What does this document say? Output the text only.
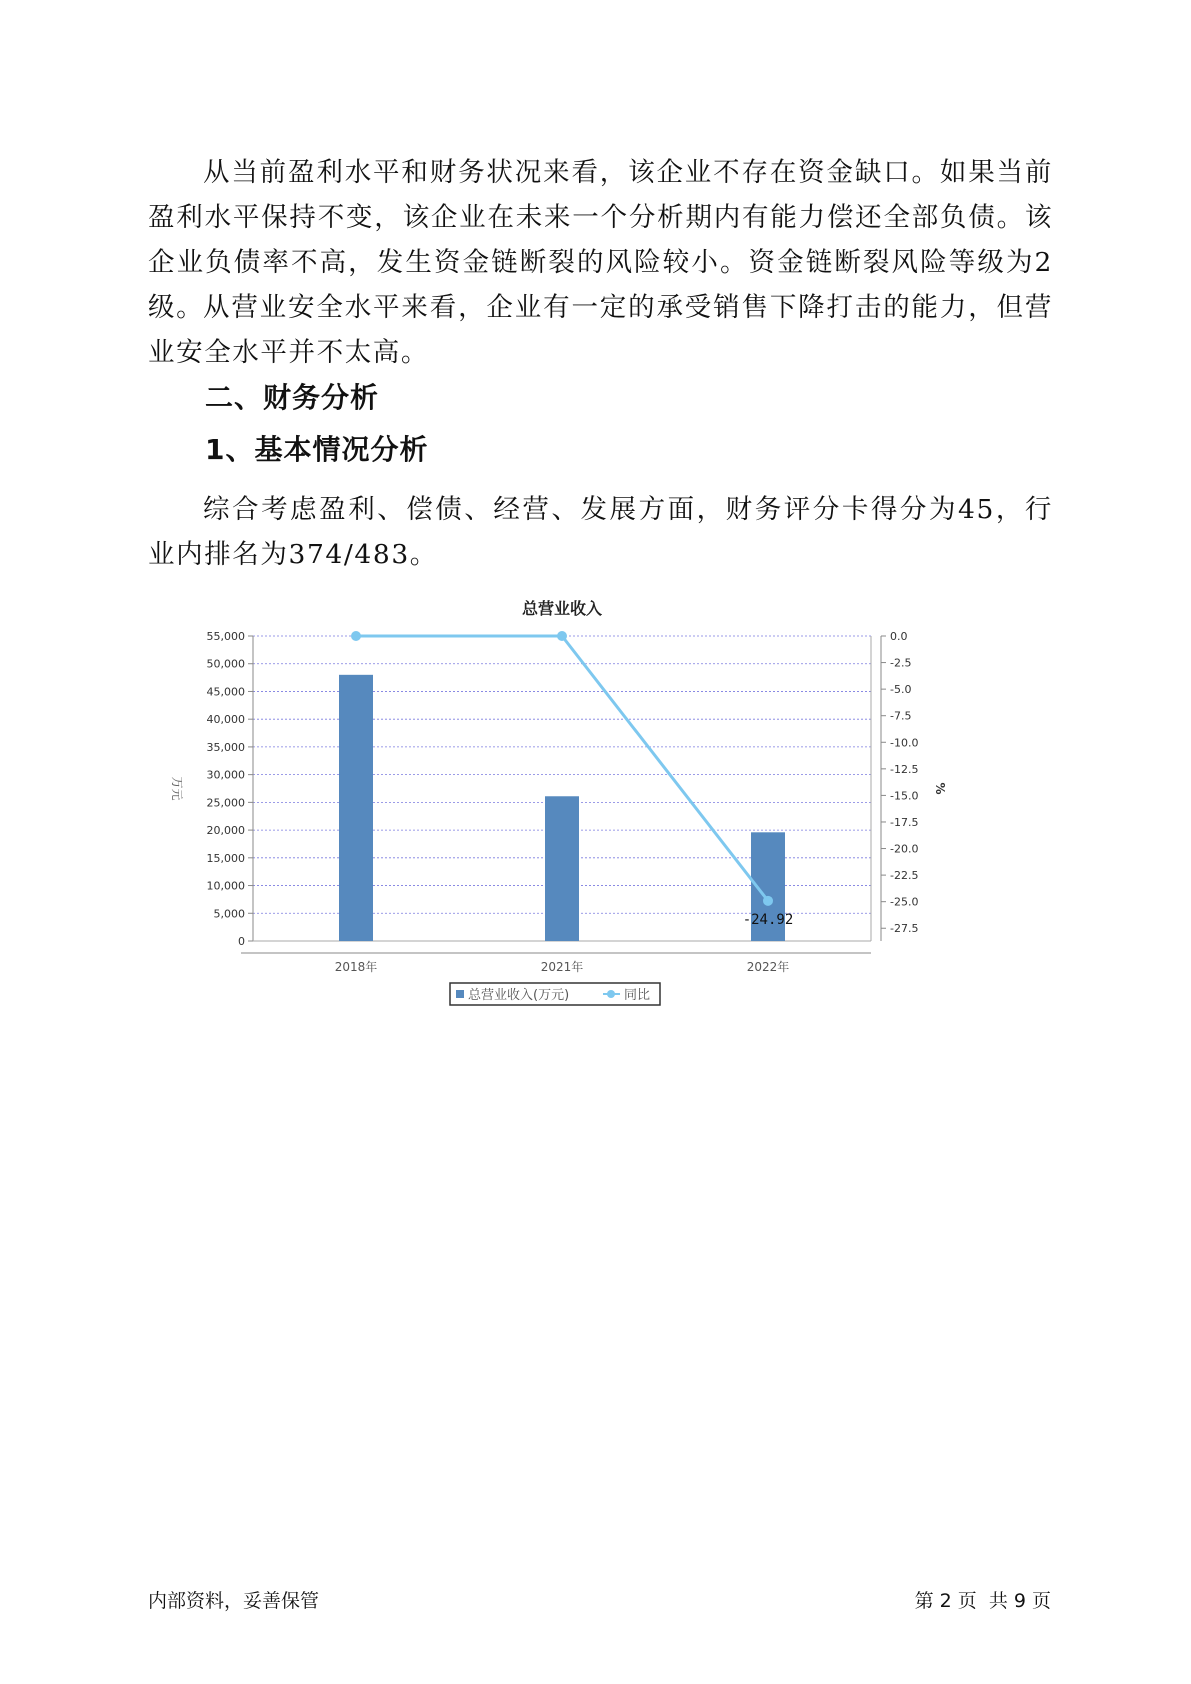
从当前盈利水平和财务状况来看，该企业不存在资金缺口。如果当前盈利水平保持不变，该企业在未来一个分析期内有能力偿还全部负债。该企业负债率不高，发生资金链断裂的风险较小。资金链断裂风险等级为2级。

从营业安全水平来看，企业有一定的承受销售下降打击的能力，但营业安全水平并不太高。

二、财务分析
1、基本情况分析

综合考虑盈利、偿债、经营、发展方面，财务评分卡得分为45，行业内排名为374/483。

总营业收入
55,000
50,000
45,000
40,000
35,000
30,000
25,000
20,000
15,000
10,000
5,000
0
0.0
-2.5
-5.0
-7.5
-10.0
-12.5
-15.0
-17.5
-20.0
-22.5
-25.0
-27.5
万元	%
-24.92
2018年	2021年	2022年
总营业收入(万元)	同比
内部资料，妥善保管	第 2 页  共 9 页
